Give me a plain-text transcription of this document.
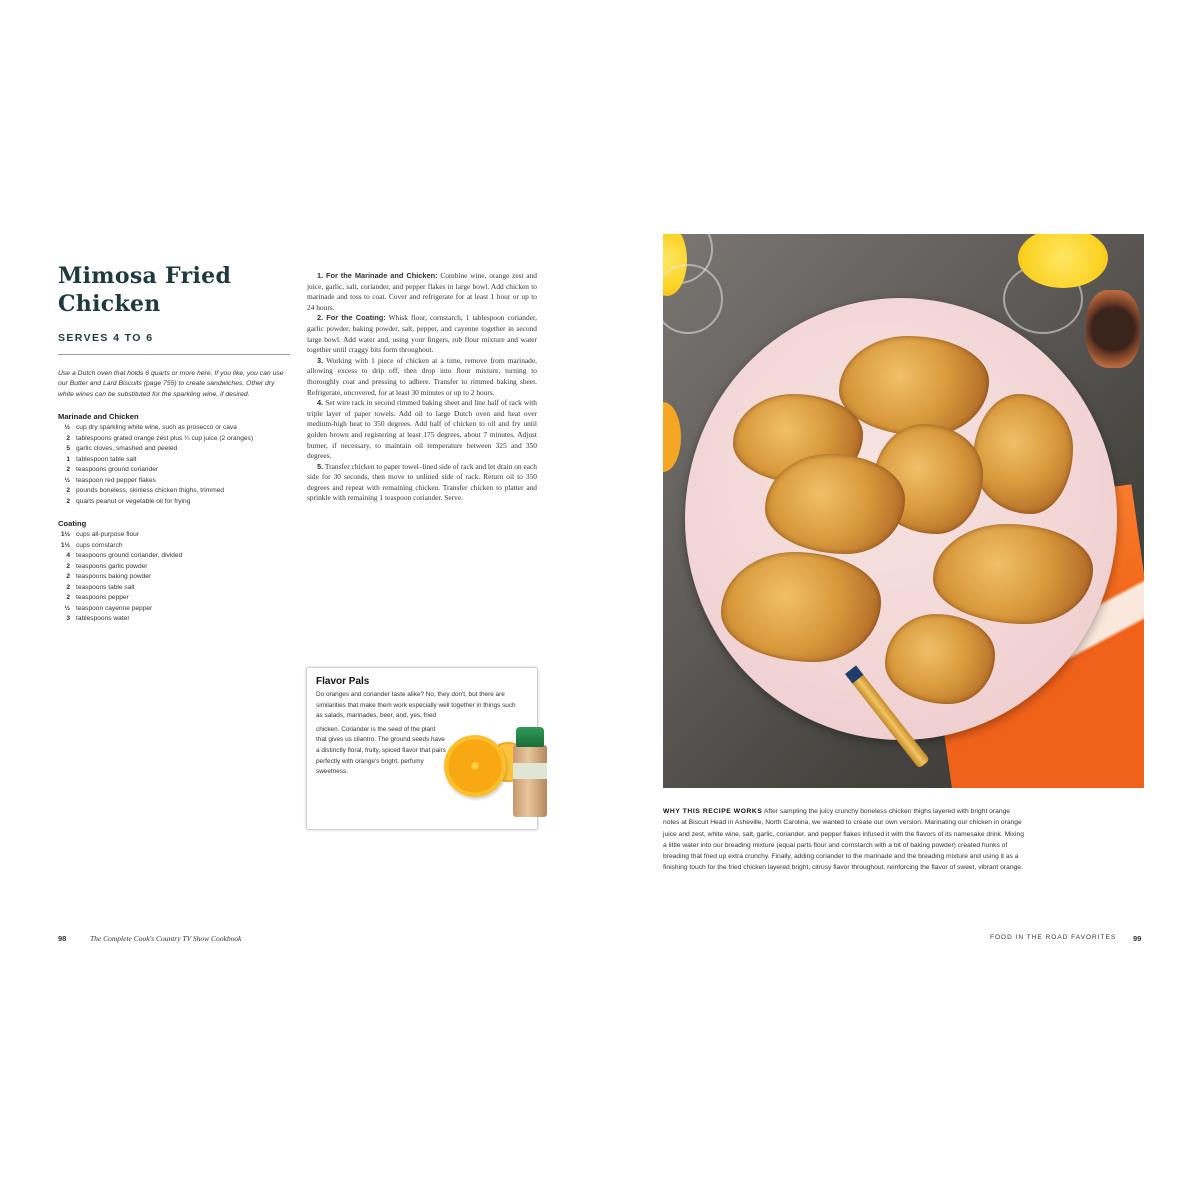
Mimosa Fried
Chicken
SERVES 4 TO 6

Use a Dutch oven that holds 6 quarts or more here. If you like, you can use our Butter and Lard Biscuits (page 755) to create sandwiches. Other dry white wines can be substituted for the sparkling wine, if desired.

Marinade and Chicken
½ cup dry sparkling white wine, such as prosecco or cava
2 tablespoons grated orange zest plus ¼ cup juice (2 oranges)
5 garlic cloves, smashed and peeled
1 tablespoon table salt
2 teaspoons ground coriander
½ teaspoon red pepper flakes
2 pounds boneless, skinless chicken thighs, trimmed
2 quarts peanut or vegetable oil for frying
Coating
1½ cups all-purpose flour
1½ cups cornstarch
4 teaspoons ground coriander, divided
2 teaspoons garlic powder
2 teaspoons baking powder
2 teaspoons table salt
2 teaspoons pepper
½ teaspoon cayenne pepper
3 tablespoons water

1. For the Marinade and Chicken: Combine wine, orange zest and juice, garlic, salt, coriander, and pepper flakes in large bowl. Add chicken to marinade and toss to coat. Cover and refrigerate for at least 1 hour or up to 24 hours.

2. For the Coating: Whisk flour, cornstarch, 1 tablespoon coriander, garlic powder, baking powder, salt, pepper, and cayenne together in second large bowl. Add water and, using your fingers, rub flour mixture and water together until craggy bits form throughout.

3. Working with 1 piece of chicken at a time, remove from marinade, allowing excess to drip off, then drop into flour mixture, turning to thoroughly coat and pressing to adhere. Transfer to rimmed baking sheet. Refrigerate, uncovered, for at least 30 minutes or up to 2 hours.

4. Set wire rack in second rimmed baking sheet and line half of rack with triple layer of paper towels. Add oil to large Dutch oven and heat over medium-high heat to 350 degrees. Add half of chicken to oil and fry until golden brown and registering at least 175 degrees, about 7 minutes. Adjust burner, if necessary, to maintain oil temperature between 325 and 350 degrees.

5. Transfer chicken to paper towel–lined side of rack and let drain on each side for 30 seconds, then move to unlined side of rack. Return oil to 350 degrees and repeat with remaining chicken. Transfer chicken to platter and sprinkle with remaining 1 teaspoon coriander. Serve.

Flavor Pals
Do oranges and coriander taste alike? No, they don't, but there are similarities that make them work especially well together in things such as salads, marinades, beer, and, yes, fried
chicken. Coriander is the seed of the plant that gives us cilantro. The ground seeds have a distinctly floral, fruity, spiced flavor that pairs perfectly with orange's bright, perfumy sweetness.
98	The Complete Cook's Country TV Show Cookbook

WHY THIS RECIPE WORKS After sampling the juicy crunchy boneless chicken thighs layered with bright orange notes at Biscuit Head in Asheville, North Carolina, we wanted to create our own version. Marinating our chicken in orange juice and zest, white wine, salt, garlic, coriander, and pepper flakes infused it with the flavors of its namesake drink. Mixing a little water into our breading mixture (equal parts flour and cornstarch with a bit of baking powder) created hunks of breading that fried up extra crunchy. Finally, adding coriander to the marinade and the breading mixture and using it as a finishing touch for the fried chicken layered bright, citrusy flavor throughout, reinforcing the flavor of sweet, vibrant orange.

FOOD IN THE ROAD FAVORITES 99
